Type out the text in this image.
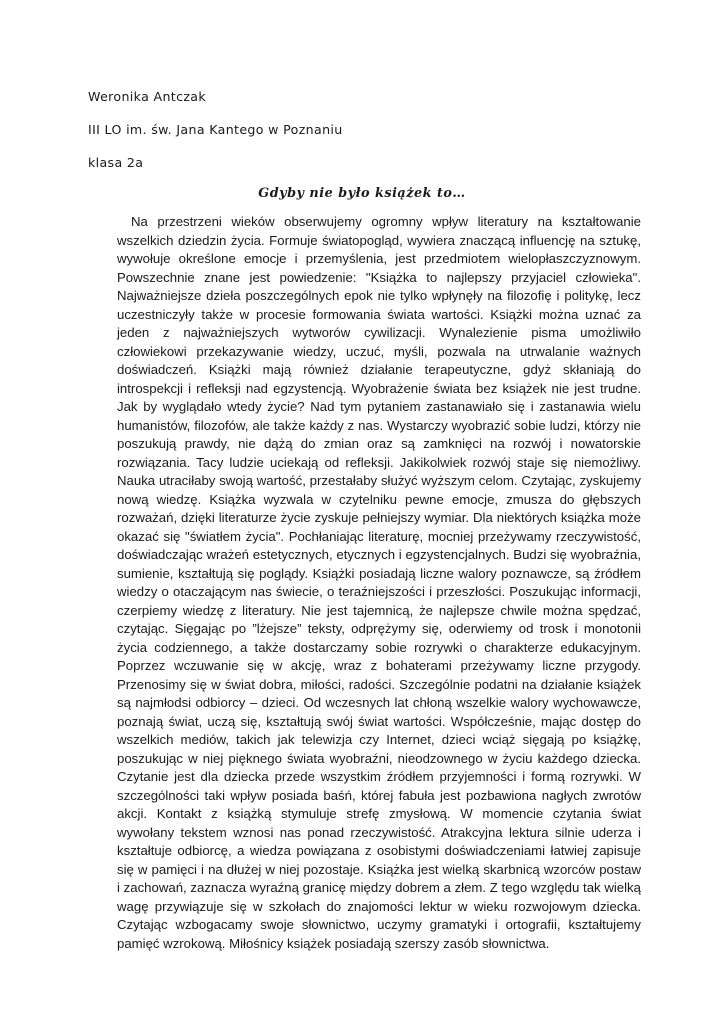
Weronika Antczak
III LO im. św. Jana Kantego w Poznaniu
klasa 2a
Gdyby nie było książek to…

Na przestrzeni wieków obserwujemy ogromny wpływ literatury na kształtowanie wszelkich dziedzin życia. Formuje światopogląd, wywiera znaczącą influencję na sztukę, wywołuje określone emocje i przemyślenia, jest przedmiotem wielopłaszczyznowym. Powszechnie znane jest powiedzenie: "Książka to najlepszy przyjaciel człowieka". Najważniejsze dzieła poszczególnych epok nie tylko wpłynęły na filozofię i politykę, lecz uczestniczyły także w procesie formowania świata wartości. Książki można uznać za jeden z najważniejszych wytworów cywilizacji. Wynalezienie pisma umożliwiło człowiekowi przekazywanie wiedzy, uczuć, myśli, pozwala na utrwalanie ważnych doświadczeń. Książki mają również działanie terapeutyczne, gdyż skłaniają do introspekcji i refleksji nad egzystencją. Wyobrażenie świata bez książek nie jest trudne. Jak by wyglądało wtedy życie? Nad tym pytaniem zastanawiało się i zastanawia wielu humanistów, filozofów, ale także każdy z nas. Wystarczy wyobrazić sobie ludzi, którzy nie poszukują prawdy, nie dążą do zmian oraz są zamknięci na rozwój i nowatorskie rozwiązania. Tacy ludzie uciekają od refleksji. Jakikolwiek rozwój staje się niemożliwy. Nauka utraciłaby swoją wartość, przestałaby służyć wyższym celom. Czytając, zyskujemy nową wiedzę. Książka wyzwala w czytelniku pewne emocje, zmusza do głębszych rozważań, dzięki literaturze życie zyskuje pełniejszy wymiar. Dla niektórych książka może okazać się "światłem życia". Pochłaniając literaturę, mocniej przeżywamy rzeczywistość, doświadczając wrażeń estetycznych, etycznych i egzystencjalnych. Budzi się wyobraźnia, sumienie, kształtują się poglądy. Książki posiadają liczne walory poznawcze, są źródłem wiedzy o otaczającym nas świecie, o teraźniejszości i przeszłości. Poszukując informacji, czerpiemy wiedzę z literatury. Nie jest tajemnicą, że najlepsze chwile można spędzać, czytając. Sięgając po ”lżejsze” teksty, odprężymy się, oderwiemy od trosk i monotonii życia codziennego, a także dostarczamy sobie rozrywki o charakterze edukacyjnym. Poprzez wczuwanie się w akcję, wraz z bohaterami przeżywamy liczne przygody. Przenosimy się w świat dobra, miłości, radości. Szczególnie podatni na działanie książek są najmłodsi odbiorcy – dzieci. Od wczesnych lat chłoną wszelkie walory wychowawcze, poznają świat, uczą się, kształtują swój świat wartości. Współcześnie, mając dostęp do wszelkich mediów, takich jak telewizja czy Internet, dzieci wciąż sięgają po książkę, poszukując w niej pięknego świata wyobraźni, nieodzownego w życiu każdego dziecka. Czytanie jest dla dziecka przede wszystkim źródłem przyjemności i formą rozrywki. W szczególności taki wpływ posiada baśń, której fabuła jest pozbawiona nagłych zwrotów akcji. Kontakt z książką stymuluje strefę zmysłową. W momencie czytania świat wywołany tekstem wznosi nas ponad rzeczywistość. Atrakcyjna lektura silnie uderza i kształtuje odbiorcę, a wiedza powiązana z osobistymi doświadczeniami łatwiej zapisuje się w pamięci i na dłużej w niej pozostaje. Książka jest wielką skarbnicą wzorców postaw i zachowań, zaznacza wyraźną granicę między dobrem a złem. Z tego względu tak wielką wagę przywiązuje się w szkołach do znajomości lektur w wieku rozwojowym dziecka. Czytając wzbogacamy swoje słownictwo, uczymy gramatyki i ortografii, kształtujemy pamięć wzrokową. Miłośnicy książek posiadają szerszy zasób słownictwa.
